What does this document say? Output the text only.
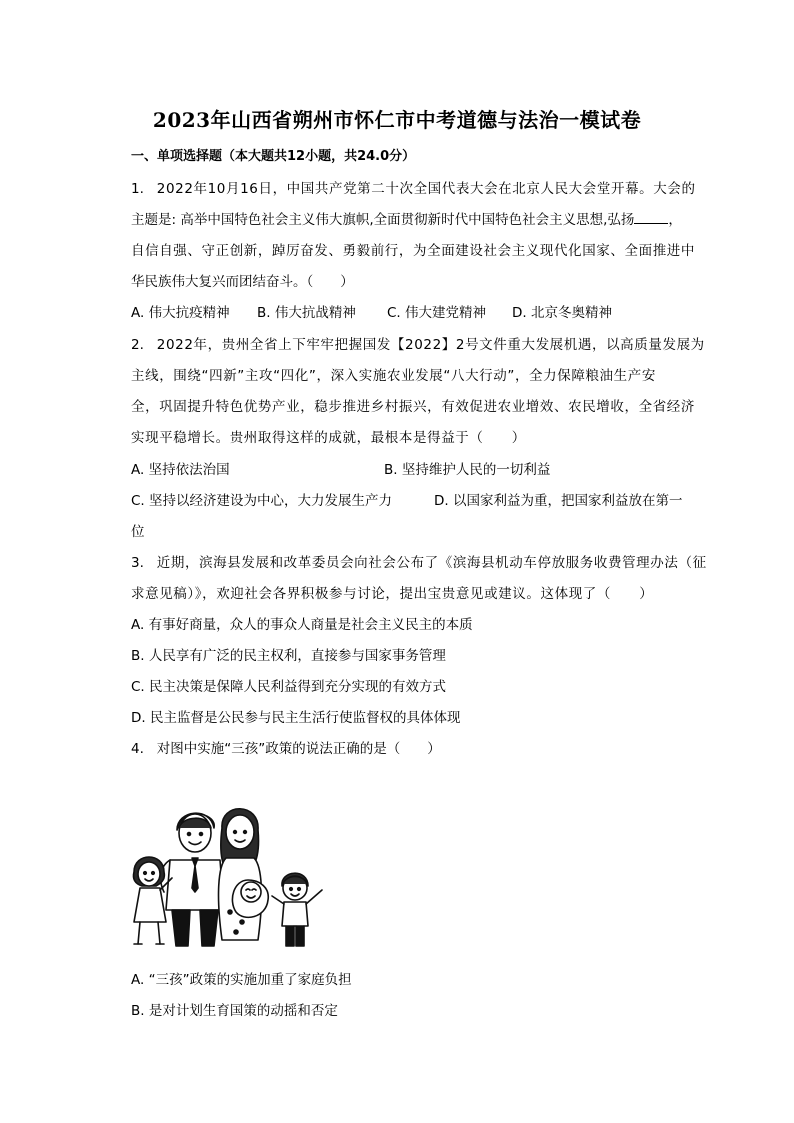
2023年山西省朔州市怀仁市中考道德与法治一模试卷
一、单项选择题（本大题共12小题，共24.0分）
1. 2022年10月16日，中国共产党第二十次全国代表大会在北京人民大会堂开幕。大会的
主题是: 高举中国特色社会主义伟大旗帜,全面贯彻新时代中国特色社会主义思想,弘扬	，
自信自强、守正创新，踔厉奋发、勇毅前行，为全面建设社会主义现代化国家、全面推进中
华民族伟大复兴而团结奋斗。（　　）
A. 伟大抗疫精神 B. 伟大抗战精神 C. 伟大建党精神 D. 北京冬奥精神
2. 2022年，贵州全省上下牢牢把握国发【2022】2号文件重大发展机遇，以高质量发展为
主线，围绕“四新”主攻“四化”，深入实施农业发展“八大行动”，全力保障粮油生产安
全，巩固提升特色优势产业，稳步推进乡村振兴，有效促进农业增效、农民增收，全省经济
实现平稳增长。贵州取得这样的成就，最根本是得益于（　　）
A. 坚持依法治国	B. 坚持维护人民的一切利益
C. 坚持以经济建设为中心，大力发展生产力	D. 以国家利益为重，把国家利益放在第一
位
3. 近期，滨海县发展和改革委员会向社会公布了《滨海县机动车停放服务收费管理办法（征
求意见稿）》，欢迎社会各界积极参与讨论，提出宝贵意见或建议。这体现了（　　）
A. 有事好商量，众人的事众人商量是社会主义民主的本质
B. 人民享有广泛的民主权利，直接参与国家事务管理
C. 民主决策是保障人民利益得到充分实现的有效方式
D. 民主监督是公民参与民主生活行使监督权的具体体现
4. 对图中实施“三孩”政策的说法正确的是（　　）
A. “三孩”政策的实施加重了家庭负担
B. 是对计划生育国策的动摇和否定
